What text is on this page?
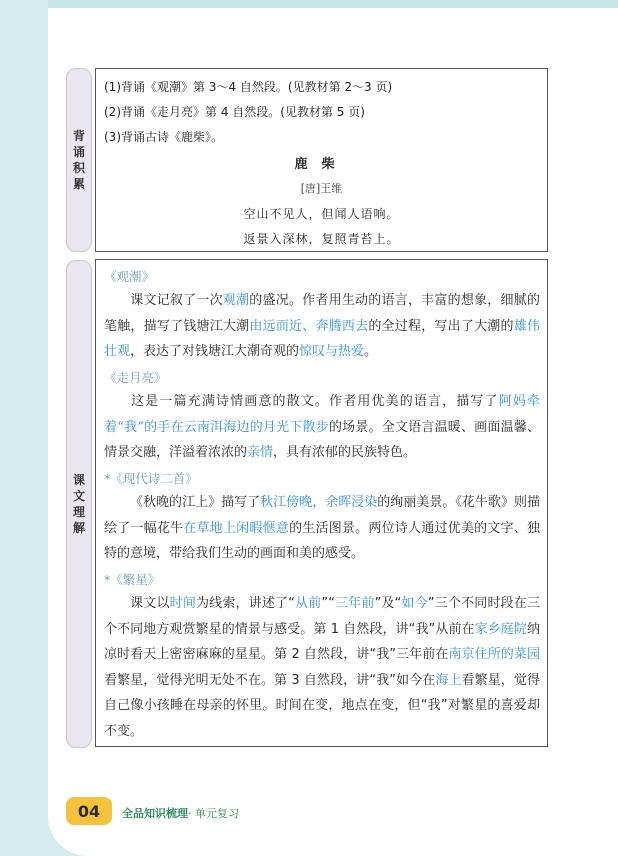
背
诵
积
累
(1)背诵《观潮》第 3～4 自然段。(见教材第 2～3 页)
(2)背诵《走月亮》第 4 自然段。(见教材第 5 页)
(3)背诵古诗《鹿柴》。
鹿柴
[唐]王维
空山不见人，但闻人语响。
返景入深林，复照青苔上。
课
文
理
解
《观潮》
课文记叙了一次观潮的盛况。作者用生动的语言，丰富的想象，细腻的笔触，描写了钱塘江大潮由远而近、奔腾西去的全过程，写出了大潮的雄伟壮观，表达了对钱塘江大潮奇观的惊叹与热爱。
《走月亮》
这是一篇充满诗情画意的散文。作者用优美的语言，描写了阿妈牵着“我”的手在云南洱海边的月光下散步的场景。全文语言温暖、画面温馨、情景交融，洋溢着浓浓的亲情，具有浓郁的民族特色。
*《现代诗二首》
《秋晚的江上》描写了秋江傍晚，余晖浸染的绚丽美景。《花牛歌》则描绘了一幅花牛在草地上闲暇惬意的生活图景。两位诗人通过优美的文字、独特的意境，带给我们生动的画面和美的感受。
*《繁星》
课文以时间为线索，讲述了“从前”“三年前”及“如今”三个不同时段在三个不同地方观赏繁星的情景与感受。第 1 自然段，讲“我”从前在家乡庭院纳凉时看天上密密麻麻的星星。第 2 自然段，讲“我”三年前在南京住所的菜园看繁星，觉得光明无处不在。第 3 自然段，讲“我”如今在海上看繁星，觉得自己像小孩睡在母亲的怀里。时间在变，地点在变，但“我”对繁星的喜爱却不变。
04	全品知识梳理· 单元复习
